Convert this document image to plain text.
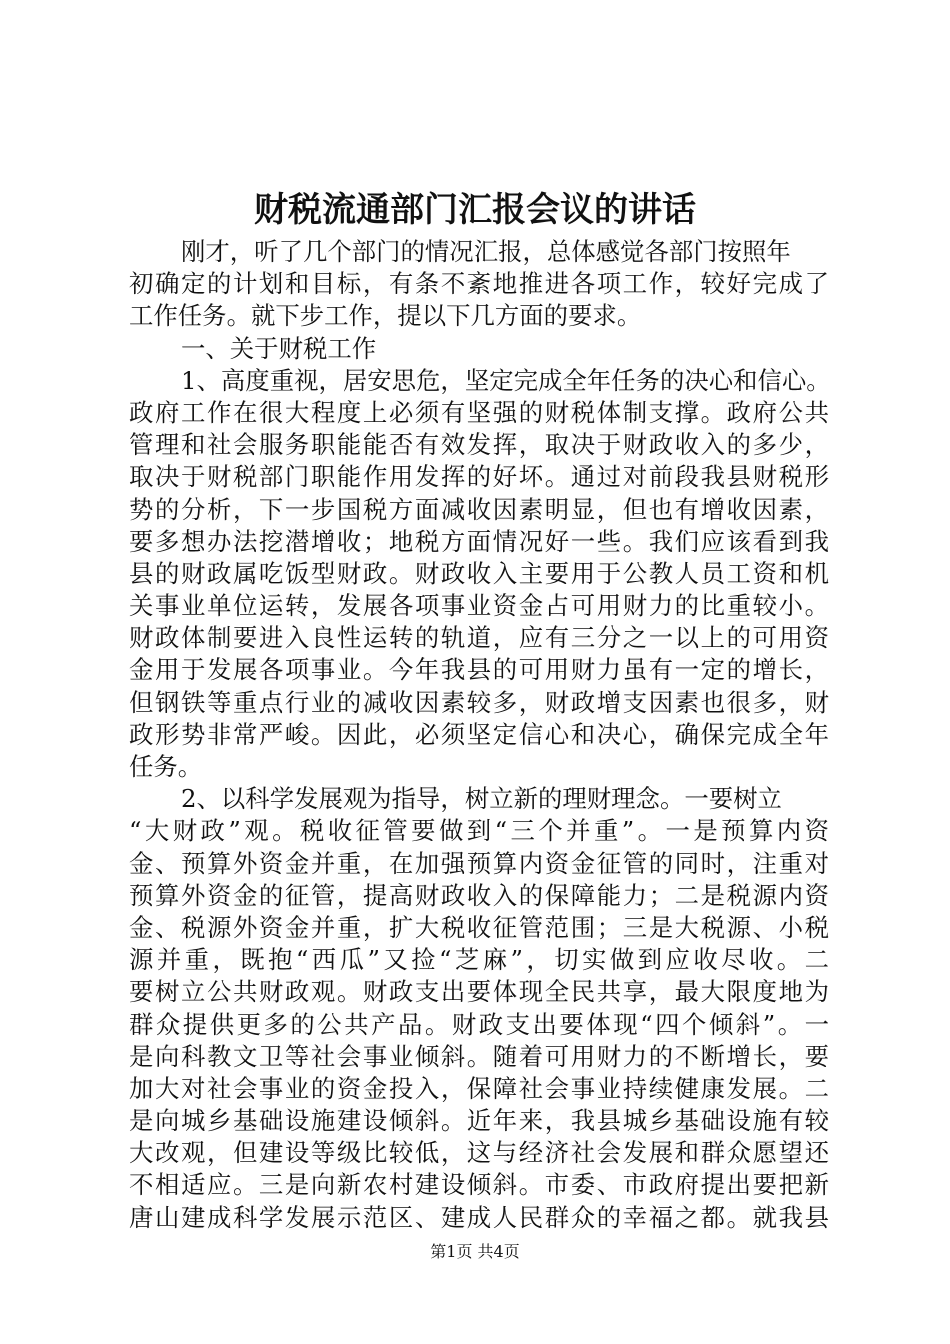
财税流通部门汇报会议的讲话
刚才，听了几个部门的情况汇报，总体感觉各部门按照年
初确定的计划和目标，有条不紊地推进各项工作，较好完成了
工作任务。就下步工作，提以下几方面的要求。
一、关于财税工作
1、高度重视，居安思危，坚定完成全年任务的决心和信心。
政府工作在很大程度上必须有坚强的财税体制支撑。政府公共
管理和社会服务职能能否有效发挥，取决于财政收入的多少，
取决于财税部门职能作用发挥的好坏。通过对前段我县财税形
势的分析，下一步国税方面减收因素明显，但也有增收因素，
要多想办法挖潜增收；地税方面情况好一些。我们应该看到我
县的财政属吃饭型财政。财政收入主要用于公教人员工资和机
关事业单位运转，发展各项事业资金占可用财力的比重较小。
财政体制要进入良性运转的轨道，应有三分之一以上的可用资
金用于发展各项事业。今年我县的可用财力虽有一定的增长，
但钢铁等重点行业的减收因素较多，财政增支因素也很多，财
政形势非常严峻。因此，必须坚定信心和决心，确保完成全年
任务。
2、以科学发展观为指导，树立新的理财理念。一要树立
“大财政”观。税收征管要做到“三个并重”。一是预算内资
金、预算外资金并重，在加强预算内资金征管的同时，注重对
预算外资金的征管，提高财政收入的保障能力；二是税源内资
金、税源外资金并重，扩大税收征管范围；三是大税源、小税
源并重，既抱“西瓜”又捡“芝麻”，切实做到应收尽收。二
要树立公共财政观。财政支出要体现全民共享，最大限度地为
群众提供更多的公共产品。财政支出要体现“四个倾斜”。一
是向科教文卫等社会事业倾斜。随着可用财力的不断增长，要
加大对社会事业的资金投入，保障社会事业持续健康发展。二
是向城乡基础设施建设倾斜。近年来，我县城乡基础设施有较
大改观，但建设等级比较低，这与经济社会发展和群众愿望还
不相适应。三是向新农村建设倾斜。市委、市政府提出要把新
唐山建成科学发展示范区、建成人民群众的幸福之都。就我县
第1页 共4页
